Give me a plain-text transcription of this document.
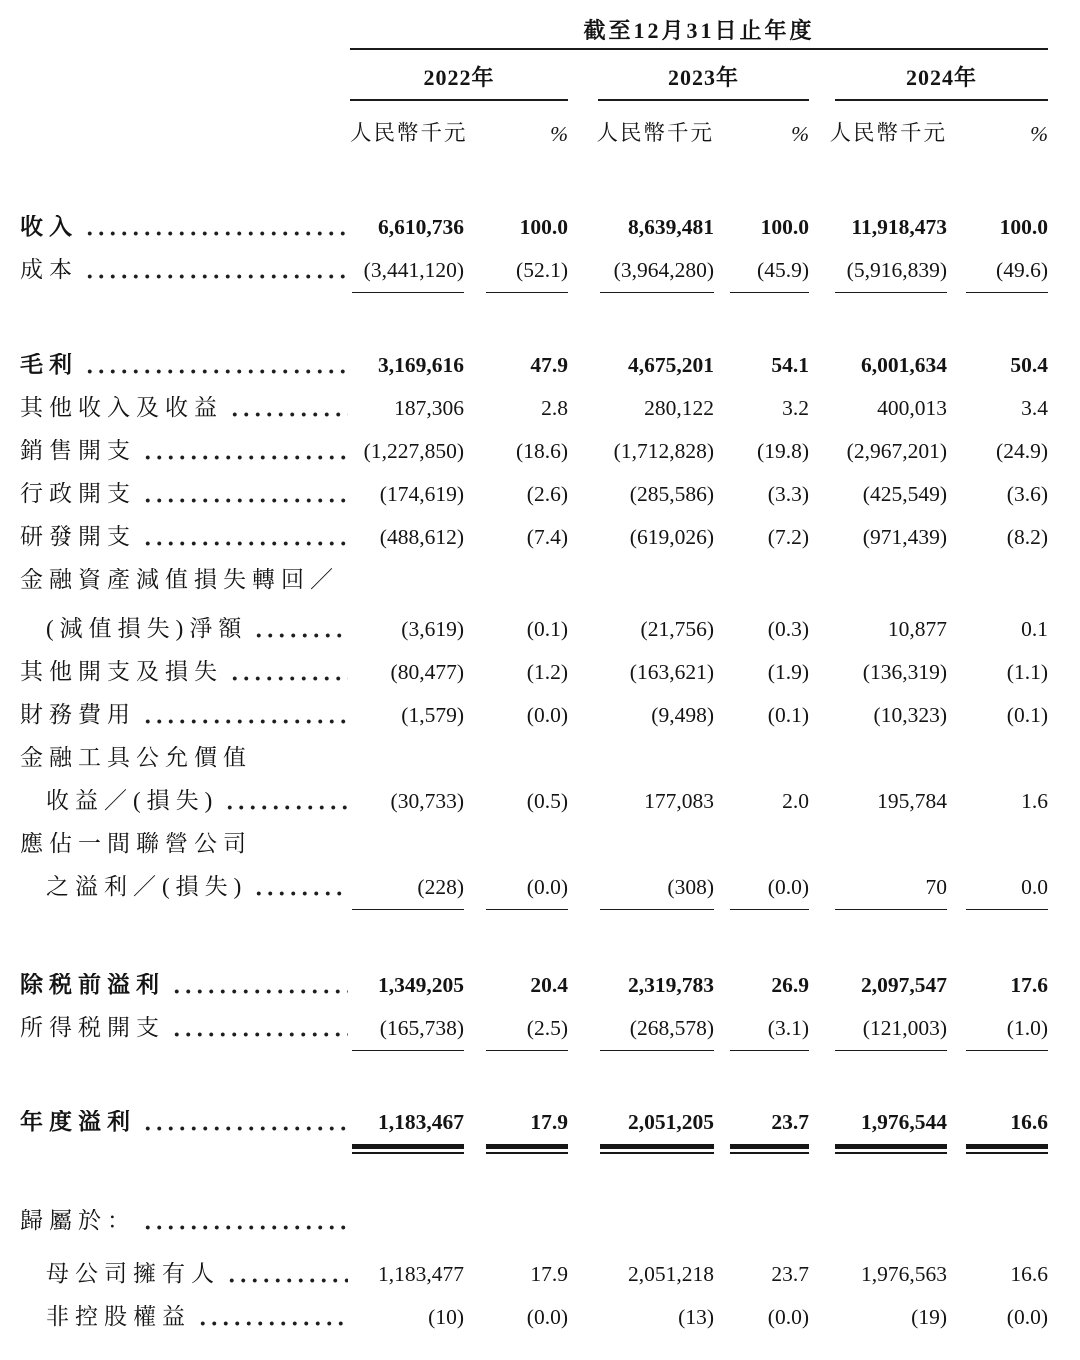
截至12月31日止年度
2022年	2023年	2024年
人民幣千元	%	人民幣千元	% 人民幣千元	%
收入	6,610,736	100.0	8,639,481	100.0	11,918,473	100.0
成本	(3,441,120)	(52.1)	(3,964,280)	(45.9)	(5,916,839)	(49.6)
毛利	3,169,616	47.9	4,675,201	54.1	6,001,634	50.4
其他收入及收益	187,306	2.8	280,122	3.2	400,013	3.4
銷售開支	(1,227,850)	(18.6)	(1,712,828)	(19.8)	(2,967,201)	(24.9)
行政開支	(174,619)	(2.6)	(285,586)	(3.3)	(425,549)	(3.6)
研發開支	(488,612)	(7.4)	(619,026)	(7.2)	(971,439)	(8.2)
金融資產減值損失轉回／
(減值損失)淨額	(3,619)	(0.1)	(21,756)	(0.3)	10,877	0.1
其他開支及損失	(80,477)	(1.2)	(163,621)	(1.9)	(136,319)	(1.1)
財務費用	(1,579)	(0.0)	(9,498)	(0.1)	(10,323)	(0.1)
金融工具公允價值
收益／(損失)	(30,733)	(0.5)	177,083	2.0	195,784	1.6
應佔一間聯營公司
之溢利／(損失)	(228)	(0.0)	(308)	(0.0)	70	0.0
除税前溢利	1,349,205	20.4	2,319,783	26.9	2,097,547	17.6
所得税開支	(165,738)	(2.5)	(268,578)	(3.1)	(121,003)	(1.0)
年度溢利	1,183,467	17.9	2,051,205	23.7	1,976,544	16.6
歸屬於：
母公司擁有人	1,183,477	17.9	2,051,218	23.7	1,976,563	16.6
非控股權益	(10)	(0.0)	(13)	(0.0)	(19)	(0.0)
